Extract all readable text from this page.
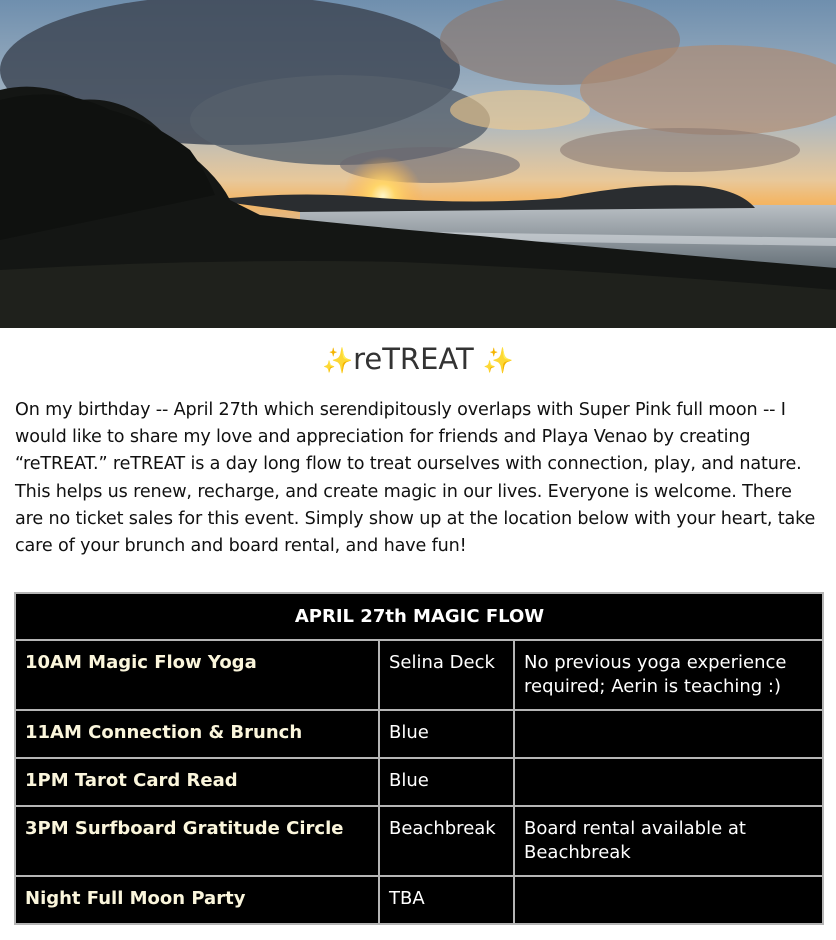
✨reTREAT ✨

On my birthday -- April 27th which serendipitously overlaps with Super Pink full moon -- I would like to share my love and appreciation for friends and Playa Venao by creating “reTREAT.” reTREAT is a day long flow to treat ourselves with connection, play, and nature. This helps us renew, recharge, and create magic in our lives. Everyone is welcome. There are no ticket sales for this event. Simply show up at the location below with your heart, take care of your brunch and board rental, and have fun!

APRIL 27th MAGIC FLOW		
10AM Magic Flow Yoga	Selina Deck	No previous yoga experience required; Aerin is teaching :)
11AM Connection & Brunch	Blue	
1PM Tarot Card Read	Blue	
3PM Surfboard Gratitude Circle	Beachbreak	Board rental available at Beachbreak
Night Full Moon Party	TBA	
